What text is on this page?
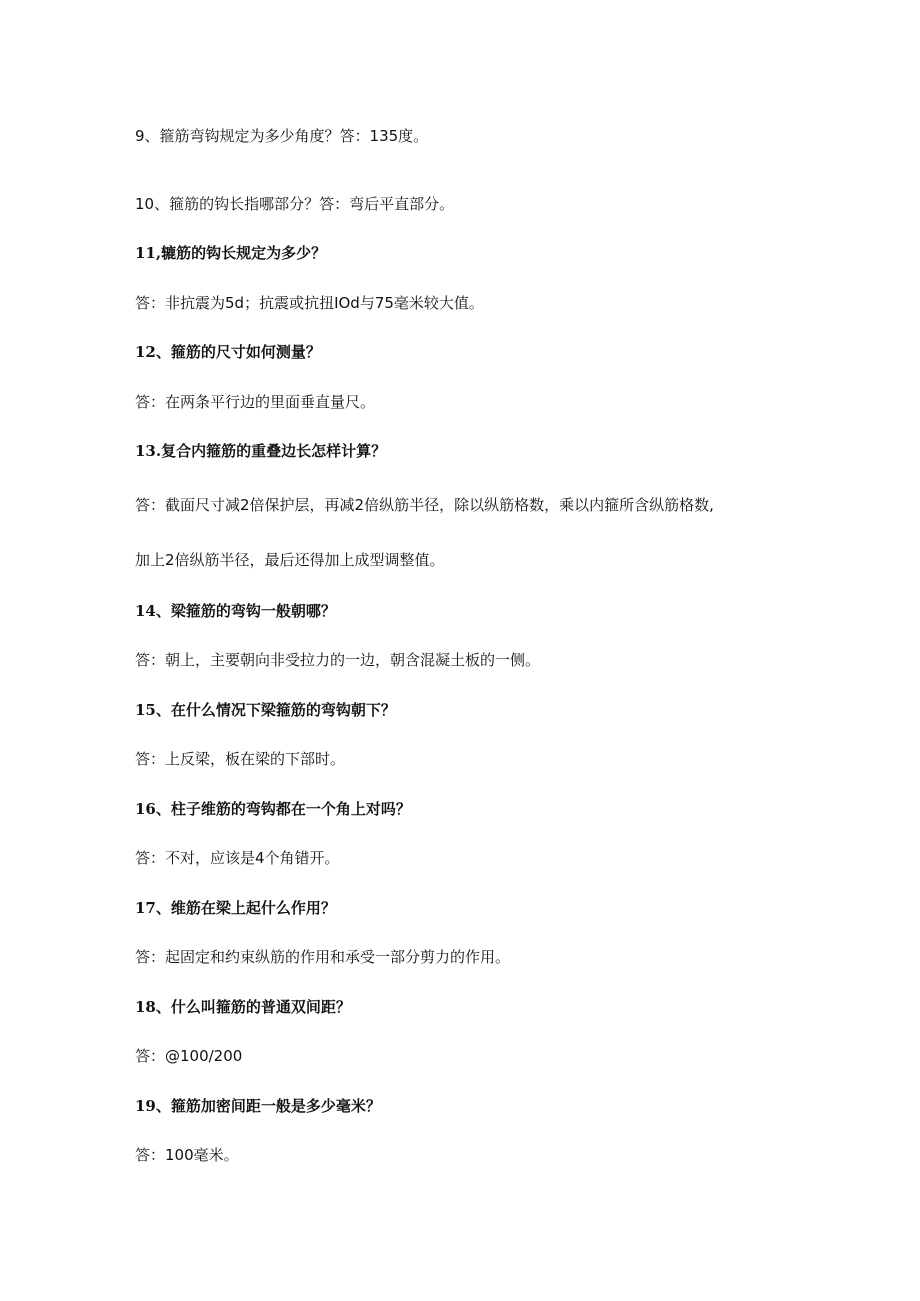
9、箍筋弯钩规定为多少角度？答：135度。
10、箍筋的钩长指哪部分？答：弯后平直部分。
11,辘筋的钩长规定为多少？
答：非抗震为5d；抗震或抗扭IOd与75毫米较大值。
12、箍筋的尺寸如何测量？
答：在两条平行边的里面垂直量尺。
13.复合内箍筋的重叠边长怎样计算？
答：截面尺寸减2倍保护层，再减2倍纵筋半径，除以纵筋格数，乘以内箍所含纵筋格数,
加上2倍纵筋半径，最后还得加上成型调整值。
14、梁箍筋的弯钩一般朝哪？
答：朝上，主要朝向非受拉力的一边，朝含混凝土板的一侧。
15、在什么情况下梁箍筋的弯钩朝下？
答：上反梁，板在梁的下部时。
16、柱子维筋的弯钩都在一个角上对吗？
答：不对，应该是4个角错开。
17、维筋在梁上起什么作用？
答：起固定和约束纵筋的作用和承受一部分剪力的作用。
18、什么叫箍筋的普通双间距？
答：@100/200
19、箍筋加密间距一般是多少毫米？
答：100毫米。
